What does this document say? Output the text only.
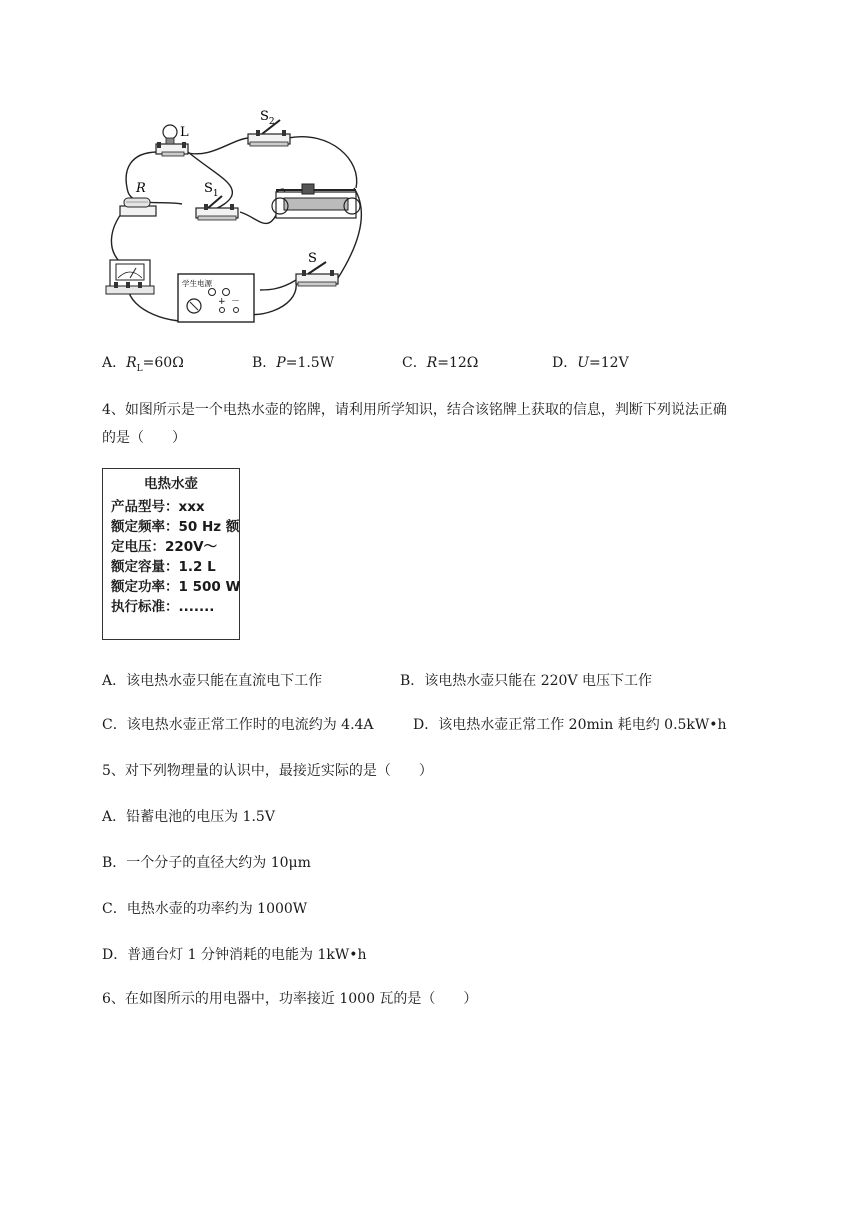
L
$S_2$
R	$S_1$
S
学生电源
+ －
A．$R_L=60\Omega$	B．P=1.5W	C．R=12Ω	D．U=12V
4、如图所示是一个电热水壶的铭牌，请利用所学知识，结合该铭牌上获取的信息，判断下列说法正确
的是（　　）
电热水壶
产品型号：xxx
额定频率：50 Hz 额
定电压：220V～
额定容量：1.2 L
额定功率：1 500 W
执行标准：.......
A．该电热水壶只能在直流电下工作	B．该电热水壶只能在 220V 电压下工作
C．该电热水壶正常工作时的电流约为 4.4A	D．该电热水壶正常工作 20min 耗电约 0.5kW•h
5、对下列物理量的认识中，最接近实际的是（　　）
A．铅蓄电池的电压为 1.5V
B．一个分子的直径大约为 10μm
C．电热水壶的功率约为 1000W
D．普通台灯 1 分钟消耗的电能为 1kW•h
6、在如图所示的用电器中，功率接近 1000 瓦的是（　　）
